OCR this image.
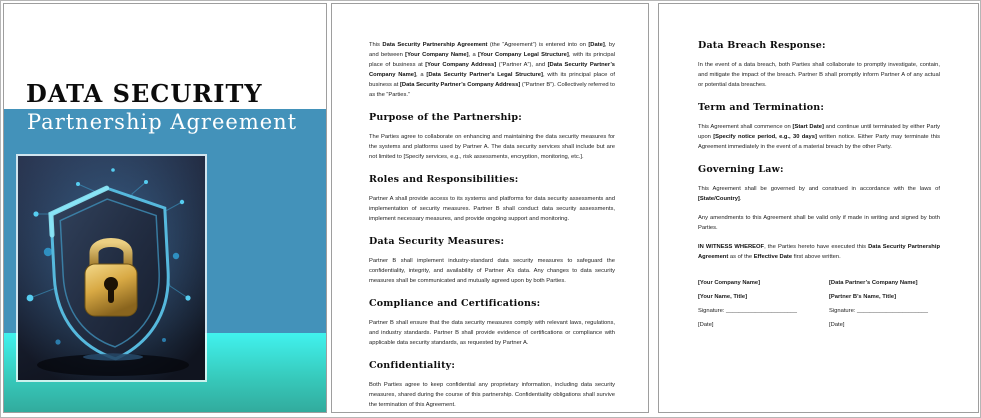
DATA SECURITY
Partnership Agreement

This Data Security Partnership Agreement (the “Agreement”) is entered into on [Date], by and between [Your Company Name], a [Your Company Legal Structure], with its principal place of business at [Your Company Address] (“Partner A”), and [Data Security Partner’s Company Name], a [Data Security Partner’s Legal Structure], with its principal place of business at [Data Security Partner’s Company Address] (“Partner B”). Collectively referred to as the “Parties.”

Purpose of the Partnership:

The Parties agree to collaborate on enhancing and maintaining the data security measures for the systems and platforms used by Partner A. The data security services shall include but are not limited to [Specify services, e.g., risk assessments, encryption, monitoring, etc.].

Roles and Responsibilities:

Partner A shall provide access to its systems and platforms for data security assessments and implementation of security measures. Partner B shall conduct data security assessments, implement necessary measures, and provide ongoing support and monitoring.

Data Security Measures:

Partner B shall implement industry-standard data security measures to safeguard the confidentiality, integrity, and availability of Partner A’s data. Any changes to data security measures shall be communicated and mutually agreed upon by both Parties.

Compliance and Certifications:

Partner B shall ensure that the data security measures comply with relevant laws, regulations, and industry standards. Partner B shall provide evidence of certifications or compliance with applicable data security standards, as requested by Partner A.

Confidentiality:

Both Parties agree to keep confidential any proprietary information, including data security measures, shared during the course of this partnership. Confidentiality obligations shall survive the termination of this Agreement.

Data Breach Response:

In the event of a data breach, both Parties shall collaborate to promptly investigate, contain, and mitigate the impact of the breach. Partner B shall promptly inform Partner A of any actual or potential data breaches.

Term and Termination:

This Agreement shall commence on [Start Date] and continue until terminated by either Party upon [Specify notice period, e.g., 30 days] written notice. Either Party may terminate this Agreement immediately in the event of a material breach by the other Party.

Governing Law:

This Agreement shall be governed by and construed in accordance with the laws of [State/Country].

Any amendments to this Agreement shall be valid only if made in writing and signed by both Parties.

IN WITNESS WHEREOF, the Parties hereto have executed this Data Security Partnership Agreement as of the Effective Date first above written.

[Your Company Name]

[Your Name, Title]

Signature: ______________________

[Date]

[Data Partner’s Company Name]

[Partner B’s Name, Title]

Signature: ______________________

[Date]
